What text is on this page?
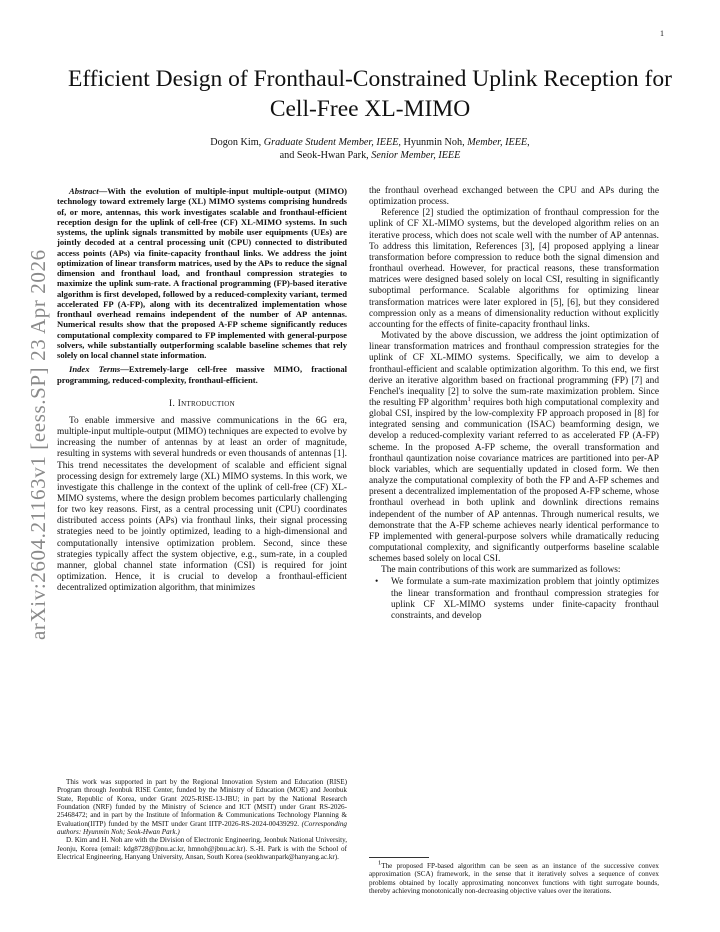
1
arXiv:2604.21163v1 [eess.SP] 23 Apr 2026
Efficient Design of Fronthaul-Constrained Uplink Reception for Cell-Free XL-MIMO
Dogon Kim, Graduate Student Member, IEEE, Hyunmin Noh, Member, IEEE,
and Seok-Hwan Park, Senior Member, IEEE
Abstract—With the evolution of multiple-input multiple-output (MIMO) technology toward extremely large (XL) MIMO systems comprising hundreds of, or more, antennas, this work investigates scalable and fronthaul-efficient reception design for the uplink of cell-free (CF) XL-MIMO systems. In such systems, the uplink signals transmitted by mobile user equipments (UEs) are jointly decoded at a central processing unit (CPU) connected to distributed access points (APs) via finite-capacity fronthaul links. We address the joint optimization of linear transform matrices, used by the APs to reduce the signal dimension and fronthaul load, and fronthaul compression strategies to maximize the uplink sum-rate. A fractional programming (FP)-based iterative algorithm is first developed, followed by a reduced-complexity variant, termed accelerated FP (A-FP), along with its decentralized implementation whose fronthaul overhead remains independent of the number of AP antennas. Numerical results show that the proposed A-FP scheme significantly reduces computational complexity compared to FP implemented with general-purpose solvers, while substantially outperforming scalable baseline schemes that rely solely on local channel state information.
Index Terms—Extremely-large cell-free massive MIMO, fractional programming, reduced-complexity, fronthaul-efficient.
I. Introduction

To enable immersive and massive communications in the 6G era, multiple-input multiple-output (MIMO) techniques are expected to evolve by increasing the number of antennas by at least an order of magnitude, resulting in systems with several hundreds or even thousands of antennas [1]. This trend necessitates the development of scalable and efficient signal processing design for extremely large (XL) MIMO systems. In this work, we investigate this challenge in the context of the uplink of cell-free (CF) XL-MIMO systems, where the design problem becomes particularly challenging for two key reasons. First, as a central processing unit (CPU) coordinates distributed access points (APs) via fronthaul links, their signal processing strategies need to be jointly optimized, leading to a high-dimensional and computationally intensive optimization problem. Second, since these strategies typically affect the system objective, e.g., sum-rate, in a coupled manner, global channel state information (CSI) is required for joint optimization. Hence, it is crucial to develop a fronthaul-efficient decentralized optimization algorithm, that minimizes

This work was supported in part by the Regional Innovation System and Education (RISE) Program through Jeonbuk RISE Center, funded by the Ministry of Education (MOE) and Jeonbuk State, Republic of Korea, under Grant 2025-RISE-13-JBU; in part by the National Research Foundation (NRF) funded by the Ministry of Science and ICT (MSIT) under Grant RS-2026-25468472; and in part by the Institute of Information & Communications Technology Planning & Evaluation(IITP) funded by the MSIT under Grant IITP-2026-RS-2024-00439292. (Corresponding authors: Hyunmin Noh; Seok-Hwan Park.)

D. Kim and H. Noh are with the Division of Electronic Engineering, Jeonbuk National University, Jeonju, Korea (email: kdg8728@jbnu.ac.kr, hmnoh@jbnu.ac.kr). S.-H. Park is with the School of Electrical Engineering, Hanyang University, Ansan, South Korea (seokhwanpark@hanyang.ac.kr).

the fronthaul overhead exchanged between the CPU and APs during the optimization process.

Reference [2] studied the optimization of fronthaul compression for the uplink of CF XL-MIMO systems, but the developed algorithm relies on an iterative process, which does not scale well with the number of AP antennas. To address this limitation, References [3], [4] proposed applying a linear transformation before compression to reduce both the signal dimension and fronthaul overhead. However, for practical reasons, these transformation matrices were designed based solely on local CSI, resulting in significantly suboptimal performance. Scalable algorithms for optimizing linear transformation matrices were later explored in [5], [6], but they considered compression only as a means of dimensionality reduction without explicitly accounting for the effects of finite-capacity fronthaul links.

Motivated by the above discussion, we address the joint optimization of linear transformation matrices and fronthaul compression strategies for the uplink of CF XL-MIMO systems. Specifically, we aim to develop a fronthaul-efficient and scalable optimization algorithm. To this end, we first derive an iterative algorithm based on fractional programming (FP) [7] and Fenchel's inequality [2] to solve the sum-rate maximization problem. Since the resulting FP algorithm$^1$ requires both high computational complexity and global CSI, inspired by the low-complexity FP approach proposed in [8] for integrated sensing and communication (ISAC) beamforming design, we develop a reduced-complexity variant referred to as accelerated FP (A-FP) scheme. In the proposed A-FP scheme, the overall transformation and fronthaul qauntization noise covariance matrices are partitioned into per-AP block variables, which are sequentially updated in closed form. We then analyze the computational complexity of both the FP and A-FP schemes and present a decentralized implementation of the proposed A-FP scheme, whose fronthaul overhead in both uplink and downlink directions remains independent of the number of AP antennas. Through numerical results, we demonstrate that the A-FP scheme achieves nearly identical performance to FP implemented with general-purpose solvers while dramatically reducing computational complexity, and significantly outperforms baseline scalable schemes based solely on local CSI.

The main contributions of this work are summarized as follows:

• We formulate a sum-rate maximization problem that jointly optimizes the linear transformation and fronthaul compression strategies for uplink CF XL-MIMO systems under finite-capacity fronthaul constraints, and develop

$^1$The proposed FP-based algorithm can be seen as an instance of the successive convex approximation (SCA) framework, in the sense that it iteratively solves a sequence of convex problems obtained by locally approximating nonconvex functions with tight surrogate bounds, thereby achieving monotonically non-decreasing objective values over the iterations.
